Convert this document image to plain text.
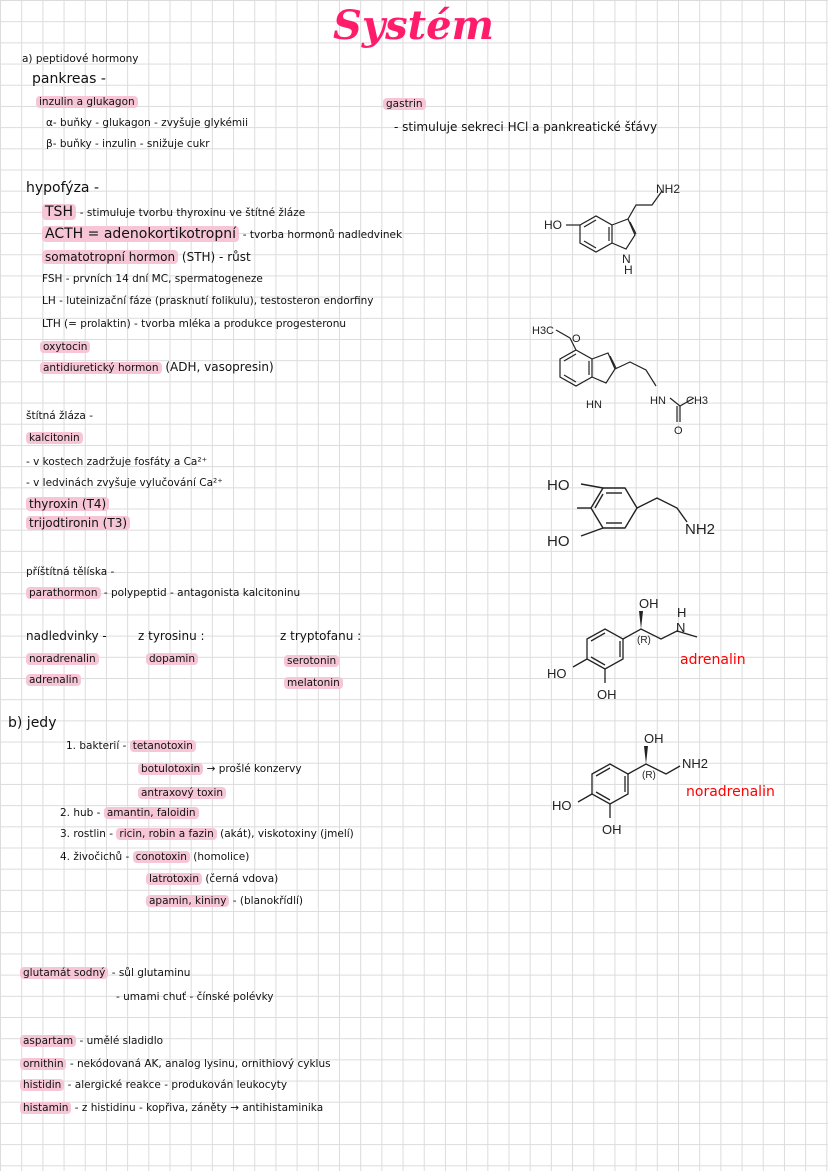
Systém
a) peptidové hormony
pankreas -
inzulin a glukagon
α- buňky - glukagon - zvyšuje glykémii
β- buňky - inzulin - snižuje cukr
gastrin
- stimuluje sekreci HCl a pankreatické šťávy
hypofýza -
TSH - stimuluje tvorbu thyroxinu ve štítné žláze
ACTH = adenokortikotropní - tvorba hormonů nadledvinek
somatotropní hormon (STH) - růst
FSH - prvních 14 dní MC, spermatogeneze
LH - luteinizační fáze (prasknutí folikulu), testosteron endorfiny
LTH (= prolaktin) - tvorba mléka a produkce progesteronu
oxytocin
antidiuretický hormon (ADH, vasopresin)
štítná žláza -
kalcitonin
- v kostech zadržuje fosfáty a Ca²⁺
- v ledvinách zvyšuje vylučování Ca²⁺
thyroxin (T4)
trijodtironin (T3)
příštítná tělíska -
parathormon - polypeptid - antagonista kalcitoninu
nadledvinky -
noradrenalin
adrenalin
z tyrosinu :
dopamin
z tryptofanu :
serotonin
melatonin
b) jedy
1. bakterií - tetanotoxin
botulotoxin → prošlé konzervy
antraxový toxin
2. hub - amantin, faloidin
3. rostlin - ricin, robin a fazin (akát), viskotoxiny (jmelí)
4. živočichů - conotoxin (homolice)
latrotoxin (černá vdova)
apamin, kininy - (blanokřídlí)
glutamát sodný - sůl glutaminu
- umami chuť - čínské polévky
aspartam - umělé sladidlo
ornithin - nekódovaná AK, analog lysinu, ornithiový cyklus
histidin - alergické reakce - produkován leukocyty
histamin - z histidinu - kopřiva, záněty → antihistaminika
NH2
HO
N
H
H3C
O
HN	HN CH3
O
HO
HO
NH2
OH
(R)
H
N
HO
OH
adrenalin
OH
(R)
NH2
HO
OH
noradrenalin
